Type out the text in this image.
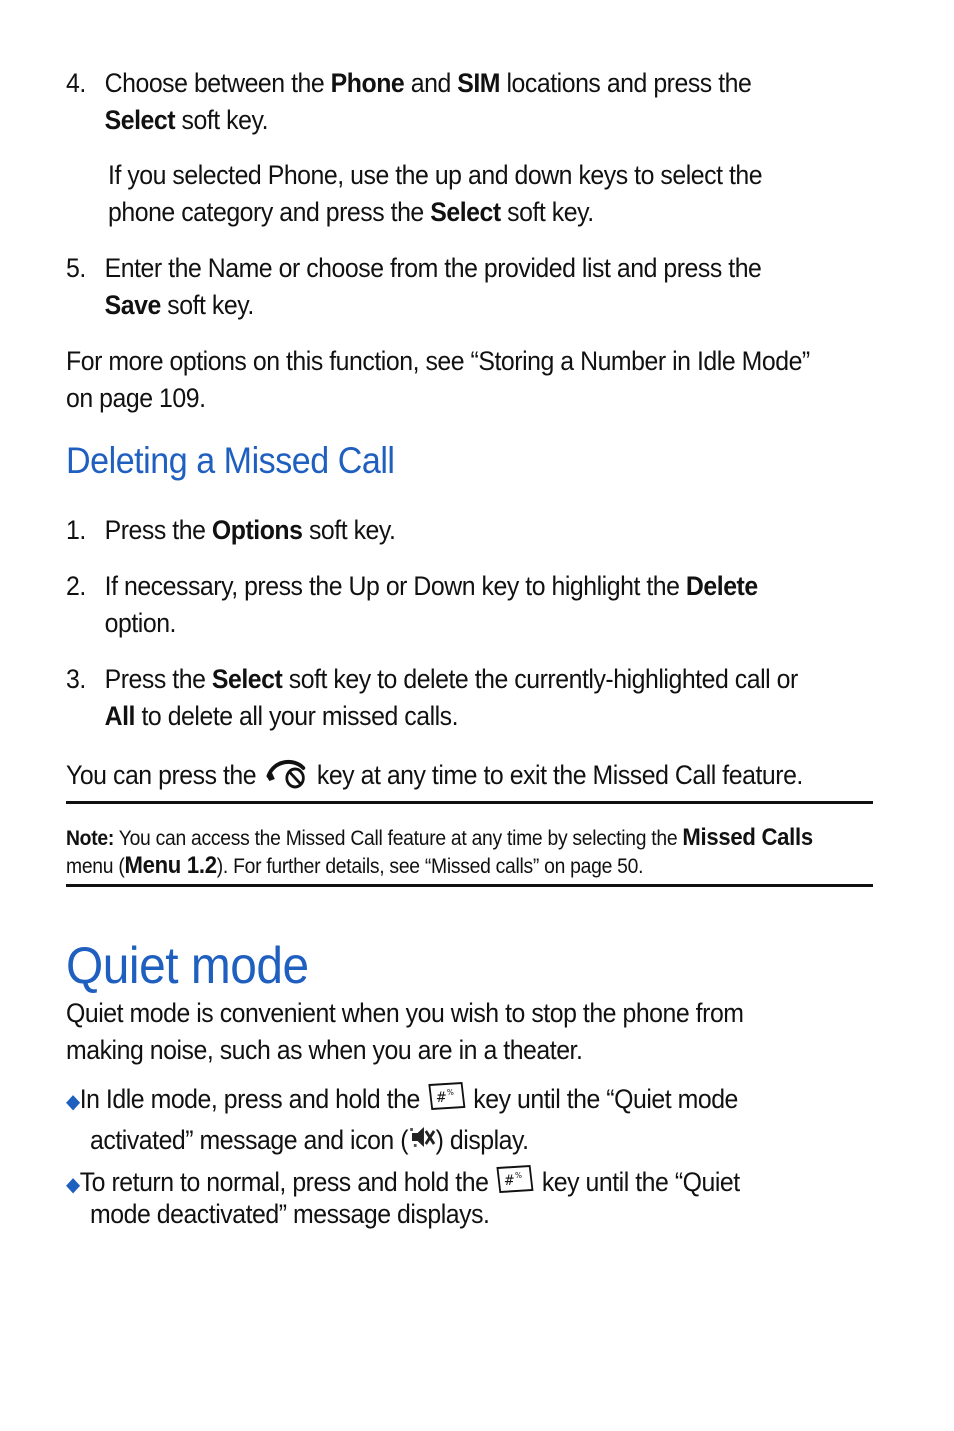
4. Choose between the Phone and SIM locations and press the
Select soft key.
If you selected Phone, use the up and down keys to select the phone category and press the Select soft key.
5. Enter the Name or choose from the provided list and press the Save soft key.
For more options on this function, see “Storing a Number in Idle Mode” on page 109.
Deleting a Missed Call
1. Press the Options soft key.
2. If necessary, press the Up or Down key to highlight the Delete option.
3. Press the Select soft key to delete the currently-highlighted call or All to delete all your missed calls.
You can press the key at any time to exit the Missed Call feature.
Note: You can access the Missed Call feature at any time by selecting the Missed Calls
menu (Menu 1.2). For further details, see “Missed calls” on page 50.
Quiet mode
Quiet mode is convenient when you wish to stop the phone from making noise, such as when you are in a theater.
◆In Idle mode, press and hold the # % key until the “Quiet mode
activated” message and icon ( ) display.
◆To return to normal, press and hold the # % key until the “Quiet
mode deactivated” message displays.
